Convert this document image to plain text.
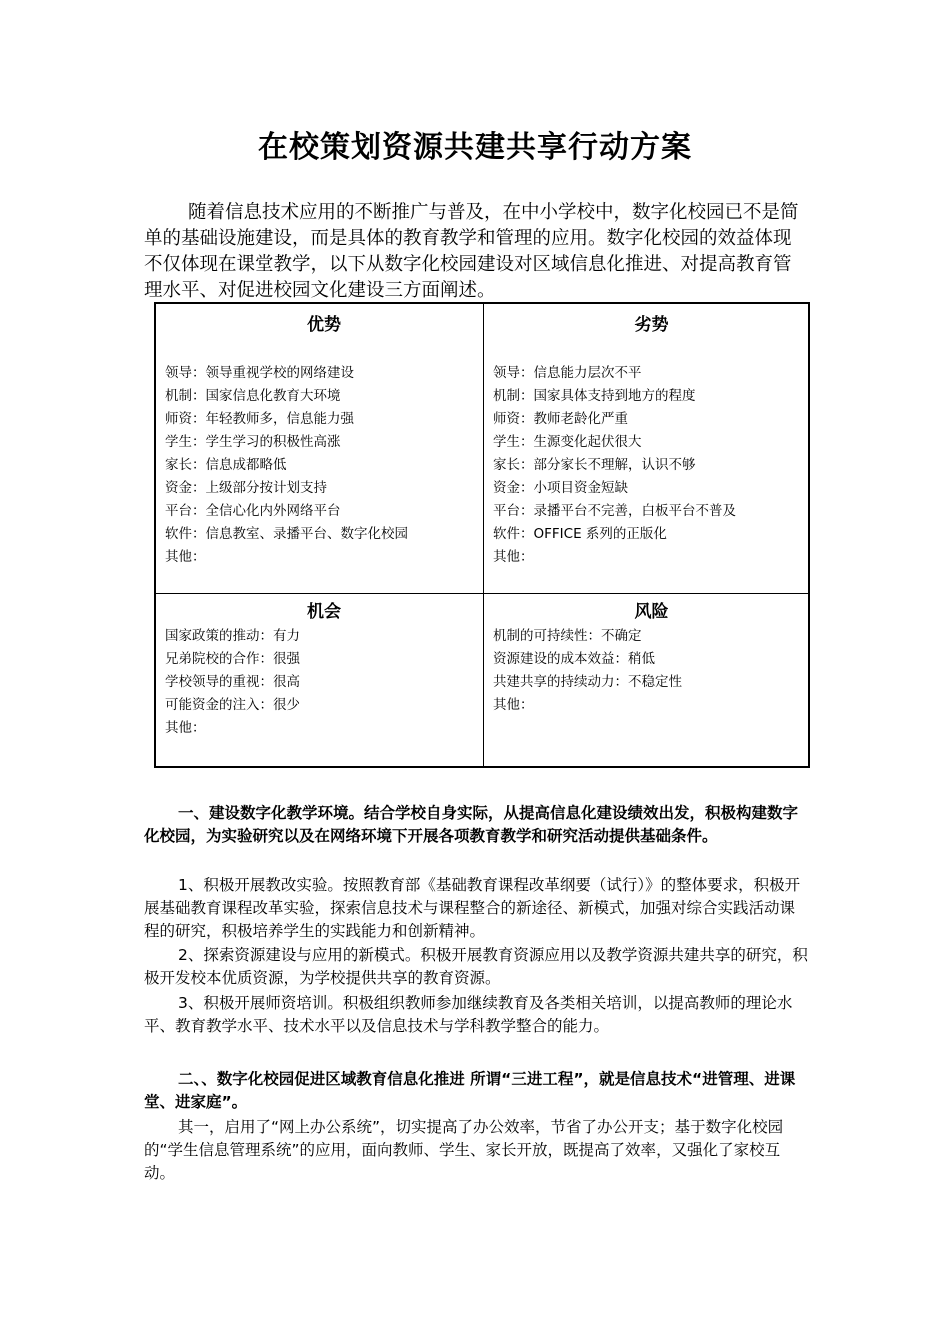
在校策划资源共建共享行动方案
随着信息技术应用的不断推广与普及，在中小学校中，数字化校园已不是简单的基础设施建设，而是具体的教育教学和管理的应用。数字化校园的效益体现不仅体现在课堂教学，以下从数字化校园建设对区域信息化推进、对提高教育管理水平、对促进校园文化建设三方面阐述。
优势
领导：领导重视学校的网络建设
机制：国家信息化教育大环境
师资：年轻教师多，信息能力强
学生：学生学习的积极性高涨
家长：信息成都略低
资金：上级部分按计划支持
平台：全信心化内外网络平台
软件：信息教室、录播平台、数字化校园
其他：
劣势
领导：信息能力层次不平
机制：国家具体支持到地方的程度
师资：教师老龄化严重
学生：生源变化起伏很大
家长：部分家长不理解，认识不够
资金：小项目资金短缺
平台：录播平台不完善，白板平台不普及
软件：OFFICE 系列的正版化
其他：
机会
国家政策的推动：有力
兄弟院校的合作：很强
学校领导的重视：很高
可能资金的注入：很少
其他：
风险
机制的可持续性：不确定
资源建设的成本效益：稍低
共建共享的持续动力：不稳定性
其他：
一、建设数字化教学环境。结合学校自身实际，从提高信息化建设绩效出发，积极构建数字化校园，为实验研究以及在网络环境下开展各项教育教学和研究活动提供基础条件。
1、积极开展教改实验。按照教育部《基础教育课程改革纲要（试行）》的整体要求，积极开展基础教育课程改革实验，探索信息技术与课程整合的新途径、新模式，加强对综合实践活动课程的研究，积极培养学生的实践能力和创新精神。
2、探索资源建设与应用的新模式。积极开展教育资源应用以及教学资源共建共享的研究，积极开发校本优质资源，为学校提供共享的教育资源。
3、积极开展师资培训。积极组织教师参加继续教育及各类相关培训，以提高教师的理论水平、教育教学水平、技术水平以及信息技术与学科教学整合的能力。
二、、数字化校园促进区域教育信息化推进 所谓“三进工程”，就是信息技术“进管理、进课堂、进家庭”。
其一，启用了“网上办公系统”，切实提高了办公效率，节省了办公开支；基于数字化校园的“学生信息管理系统”的应用，面向教师、学生、家长开放，既提高了效率，又强化了家校互动。
